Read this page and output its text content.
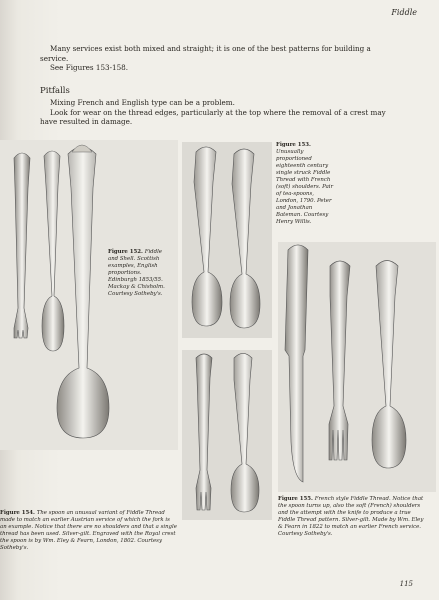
Fiddle

Many services exist both mixed and straight; it is one of the best patterns for building a service.

See Figures 153-158.

Pitfalls

Mixing French and English type can be a problem.

Look for wear on the thread edges, particularly at the top where the removal of a crest may have resulted in damage.

Figure 152. Fiddle and Shell. Scottish examples, English proportions. Edinburgh 1853/55. Mackay & Chisholm. Courtesy Sotheby's.
Figure 153. Unusually proportioned eighteenth century single struck Fiddle Thread with French (soft) shoulders. Pair of tea-spoons, London, 1790. Peter and Jonathan Bateman. Courtesy Henry Willis.
Figure 154. The spoon an unusual variant of Fiddle Thread made to match an earlier Austrian service of which the fork is an example. Notice that there are no shoulders and that a single thread has been used. Silver-gilt. Engraved with the Royal crest the spoon is by Wm. Eley & Fearn, London, 1802. Courtesy Sotheby's.
Figure 155. French style Fiddle Thread. Notice that the spoon turns up, also the soft (French) shoulders and the attempt with the knife to produce a true Fiddle Thread pattern. Silver-gilt. Made by Wm. Eley & Fearn in 1822 to match an earlier French service. Courtesy Sotheby's.
115
